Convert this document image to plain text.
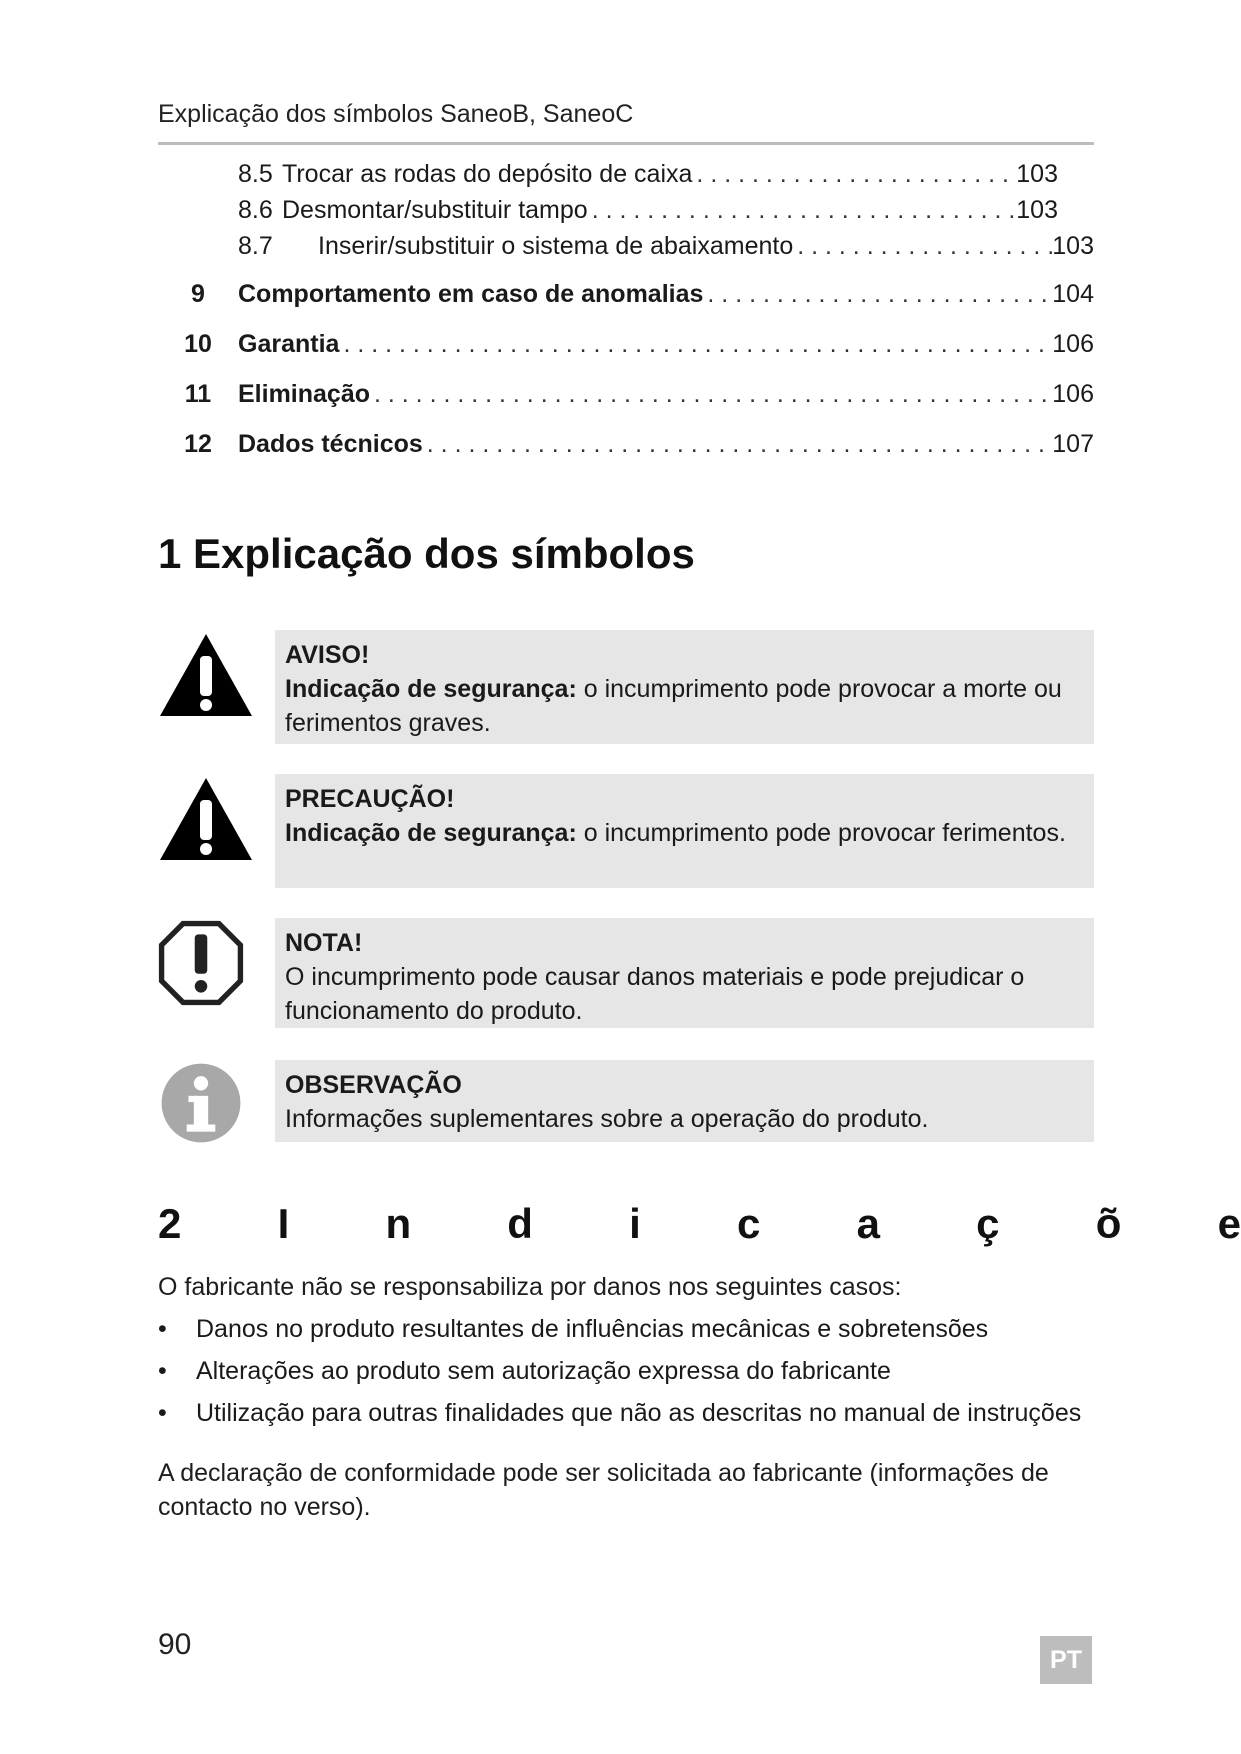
Explicação dos símbolos SaneoB, SaneoC
8.5 Trocar as rodas do depósito de caixa . . .	103
8.6 Desmontar/substituir tampo . . .	103
8.7	Inserir/substituir o sistema de abaixamento . . .	103
9	Comportamento em caso de anomalias . . .	104
10	Garantia . . .	106
11	Eliminação . . .	106
12	Dados técnicos . . .	107
1 Explicação dos símbolos
AVISO!
Indicação de segurança: o incumprimento pode provocar a morte ou ferimentos graves.
PRECAUÇÃO!
Indicação de segurança: o incumprimento pode provocar ferimentos.
NOTA!
O incumprimento pode causar danos materiais e pode prejudicar o funcionamento do produto.
OBSERVAÇÃO
Informações suplementares sobre a operação do produto.
2 I n d i c a ç õ e
O fabricante não se responsabiliza por danos nos seguintes casos:
• Danos no produto resultantes de influências mecânicas e sobretensões
• Alterações ao produto sem autorização expressa do fabricante
• Utilização para outras finalidades que não as descritas no manual de instruções
A declaração de conformidade pode ser solicitada ao fabricante (informações de contacto no verso).
90	PT
